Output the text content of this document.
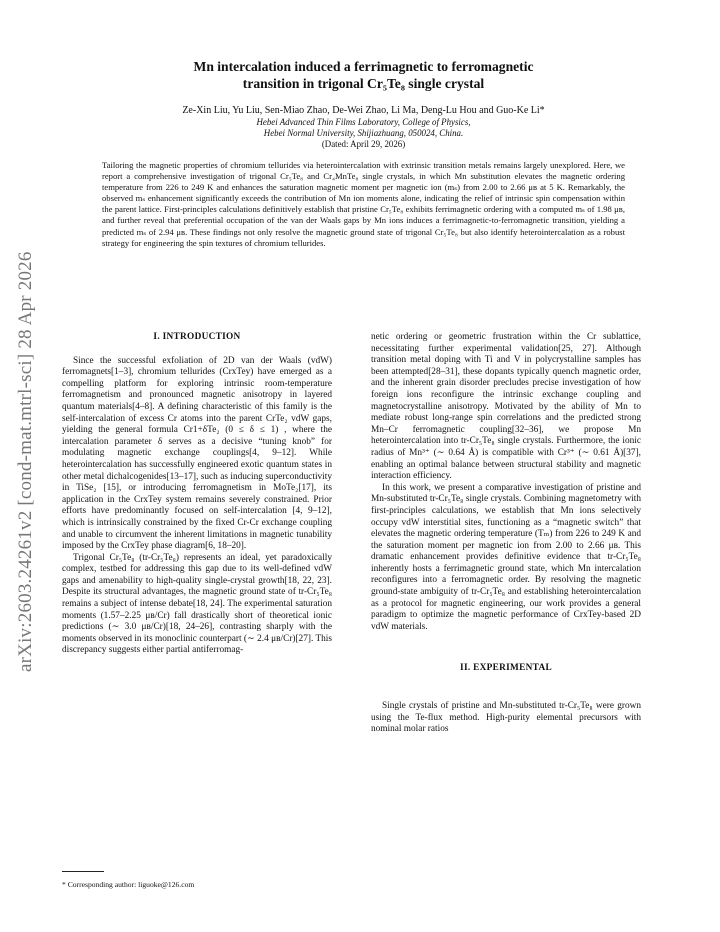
arXiv:2603.24261v2 [cond-mat.mtrl-sci] 28 Apr 2026

Mn intercalation induced a ferrimagnetic to ferromagnetic

transition in trigonal Cr₅Te₈ single crystal

Ze-Xin Liu, Yu Liu, Sen-Miao Zhao, De-Wei Zhao, Li Ma, Deng-Lu Hou and Guo-Ke Li*
Hebei Advanced Thin Films Laboratory, College of Physics,
Hebei Normal University, Shijiazhuang, 050024, China.
(Dated: April 29, 2026)
Tailoring the magnetic properties of chromium tellurides via heterointercalation with extrinsic transition metals remains largely unexplored. Here, we report a comprehensive investigation of trigonal Cr₅Te₈ and Cr₄MnTe₈ single crystals, in which Mn substitution elevates the magnetic ordering temperature from 226 to 249 K and enhances the saturation magnetic moment per magnetic ion (mₛ) from 2.00 to 2.66 μʙ at 5 K. Remarkably, the observed mₛ enhancement significantly exceeds the contribution of Mn ion moments alone, indicating the relief of intrinsic spin compensation within the parent lattice. First-principles calculations definitively establish that pristine Cr₅Te₈ exhibits ferrimagnetic ordering with a computed mₛ of 1.98 μʙ, and further reveal that preferential occupation of the van der Waals gaps by Mn ions induces a ferrimagnetic-to-ferromagnetic transition, yielding a predicted mₛ of 2.94 μʙ. These findings not only resolve the magnetic ground state of trigonal Cr₅Te₈ but also identify heterointercalation as a robust strategy for engineering the spin textures of chromium tellurides.

I. INTRODUCTION

Since the successful exfoliation of 2D van der Waals (vdW) ferromagnets[1–3], chromium tellurides (CrxTey) have emerged as a compelling platform for exploring intrinsic room-temperature ferromagnetism and pronounced magnetic anisotropy in layered quantum materials[4–8]. A defining characteristic of this family is the self-intercalation of excess Cr atoms into the parent CrTe₂ vdW gaps, yielding the general formula Cr1+δTe₂ (0 ≤ δ ≤ 1) , where the intercalation parameter δ serves as a decisive “tuning knob” for modulating magnetic exchange couplings[4, 9–12]. While heterointercalation has successfully engineered exotic quantum states in other metal dichalcogenides[13–17], such as inducing superconductivity in TiSe₂ [15], or introducing ferromagnetism in MoTe₂[17], its application in the CrxTey system remains severely constrained. Prior efforts have predominantly focused on self-intercalation [4, 9–12], which is intrinsically constrained by the fixed Cr-Cr exchange coupling and unable to circumvent the inherent limitations in magnetic tunability imposed by the CrxTey phase diagram[6, 18–20].

Trigonal Cr₅Te₈ (tr-Cr₅Te₈) represents an ideal, yet paradoxically complex, testbed for addressing this gap due to its well-defined vdW gaps and amenability to high-quality single-crystal growth[18, 22, 23]. Despite its structural advantages, the magnetic ground state of tr-Cr₅Te₈ remains a subject of intense debate[18, 24]. The experimental saturation moments (1.57–2.25 μʙ/Cr) fall drastically short of theoretical ionic predictions (∼ 3.0 μʙ/Cr)[18, 24–26], contrasting sharply with the moments observed in its monoclinic counterpart (∼ 2.4 μʙ/Cr)[27]. This discrepancy suggests either partial antiferromag-

* Corresponding author: liguoke@126.com

netic ordering or geometric frustration within the Cr sublattice, necessitating further experimental validation[25, 27]. Although transition metal doping with Ti and V in polycrystalline samples has been attempted[28–31], these dopants typically quench magnetic order, and the inherent grain disorder precludes precise investigation of how foreign ions reconfigure the intrinsic exchange coupling and magnetocrystalline anisotropy. Motivated by the ability of Mn to mediate robust long-range spin correlations and the predicted strong Mn–Cr ferromagnetic coupling[32–36], we propose Mn heterointercalation into tr-Cr₅Te₈ single crystals. Furthermore, the ionic radius of Mn³⁺ (∼ 0.64 Å) is compatible with Cr³⁺ (∼ 0.61 Å)[37], enabling an optimal balance between structural stability and magnetic interaction efficiency.

In this work, we present a comparative investigation of pristine and Mn-substituted tr-Cr₅Te₈ single crystals. Combining magnetometry with first-principles calculations, we establish that Mn ions selectively occupy vdW interstitial sites, functioning as a “magnetic switch” that elevates the magnetic ordering temperature (Tₘ) from 226 to 249 K and the saturation moment per magnetic ion from 2.00 to 2.66 μʙ. This dramatic enhancement provides definitive evidence that tr-Cr₅Te₈ inherently hosts a ferrimagnetic ground state, which Mn intercalation reconfigures into a ferromagnetic order. By resolving the magnetic ground-state ambiguity of tr-Cr₅Te₈ and establishing heterointercalation as a protocol for magnetic engineering, our work provides a general paradigm to optimize the magnetic performance of CrxTey-based 2D vdW materials.

II. EXPERIMENTAL

Single crystals of pristine and Mn-substituted tr-Cr₅Te₈ were grown using the Te-flux method. High-purity elemental precursors with nominal molar ratios
